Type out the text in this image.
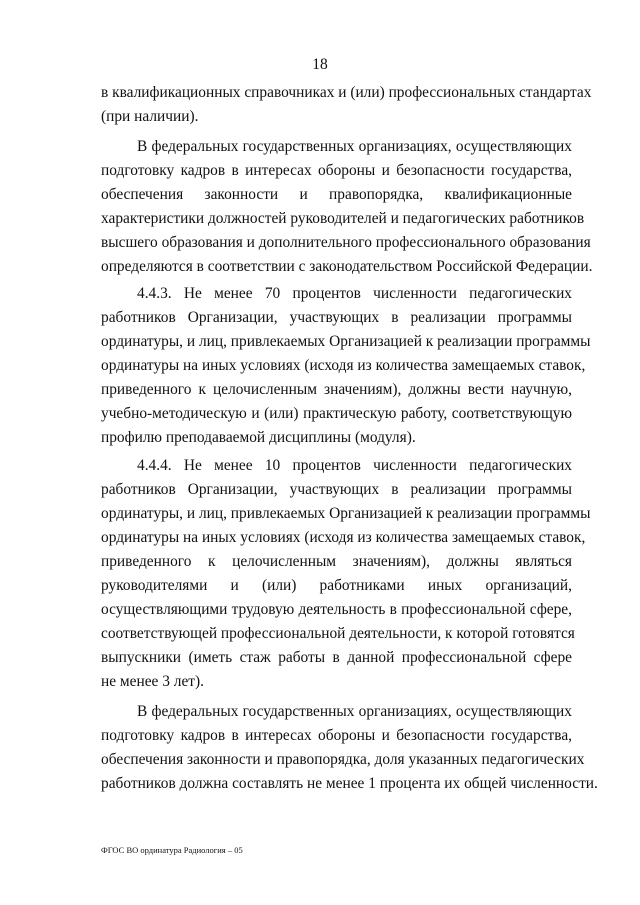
18
в квалификационных справочниках и (или) профессиональных стандартах
(при наличии).
В федеральных государственных организациях, осуществляющих
подготовку кадров в интересах обороны и безопасности государства,
обеспечения законности и правопорядка, квалификационные
характеристики должностей руководителей и педагогических работников
высшего образования и дополнительного профессионального образования
определяются в соответствии с законодательством Российской Федерации.
4.4.3. Не менее 70 процентов численности педагогических
работников Организации, участвующих в реализации программы
ординатуры, и лиц, привлекаемых Организацией к реализации программы
ординатуры на иных условиях (исходя из количества замещаемых ставок,
приведенного к целочисленным значениям), должны вести научную,
учебно-методическую и (или) практическую работу, соответствующую
профилю преподаваемой дисциплины (модуля).
4.4.4. Не менее 10 процентов численности педагогических
работников Организации, участвующих в реализации программы
ординатуры, и лиц, привлекаемых Организацией к реализации программы
ординатуры на иных условиях (исходя из количества замещаемых ставок,
приведенного к целочисленным значениям), должны являться
руководителями и (или) работниками иных организаций,
осуществляющими трудовую деятельность в профессиональной сфере,
соответствующей профессиональной деятельности, к которой готовятся
выпускники (иметь стаж работы в данной профессиональной сфере
не менее 3 лет).
В федеральных государственных организациях, осуществляющих
подготовку кадров в интересах обороны и безопасности государства,
обеспечения законности и правопорядка, доля указанных педагогических
работников должна составлять не менее 1 процента их общей численности.
ФГОС ВО ординатура Радиология – 05
